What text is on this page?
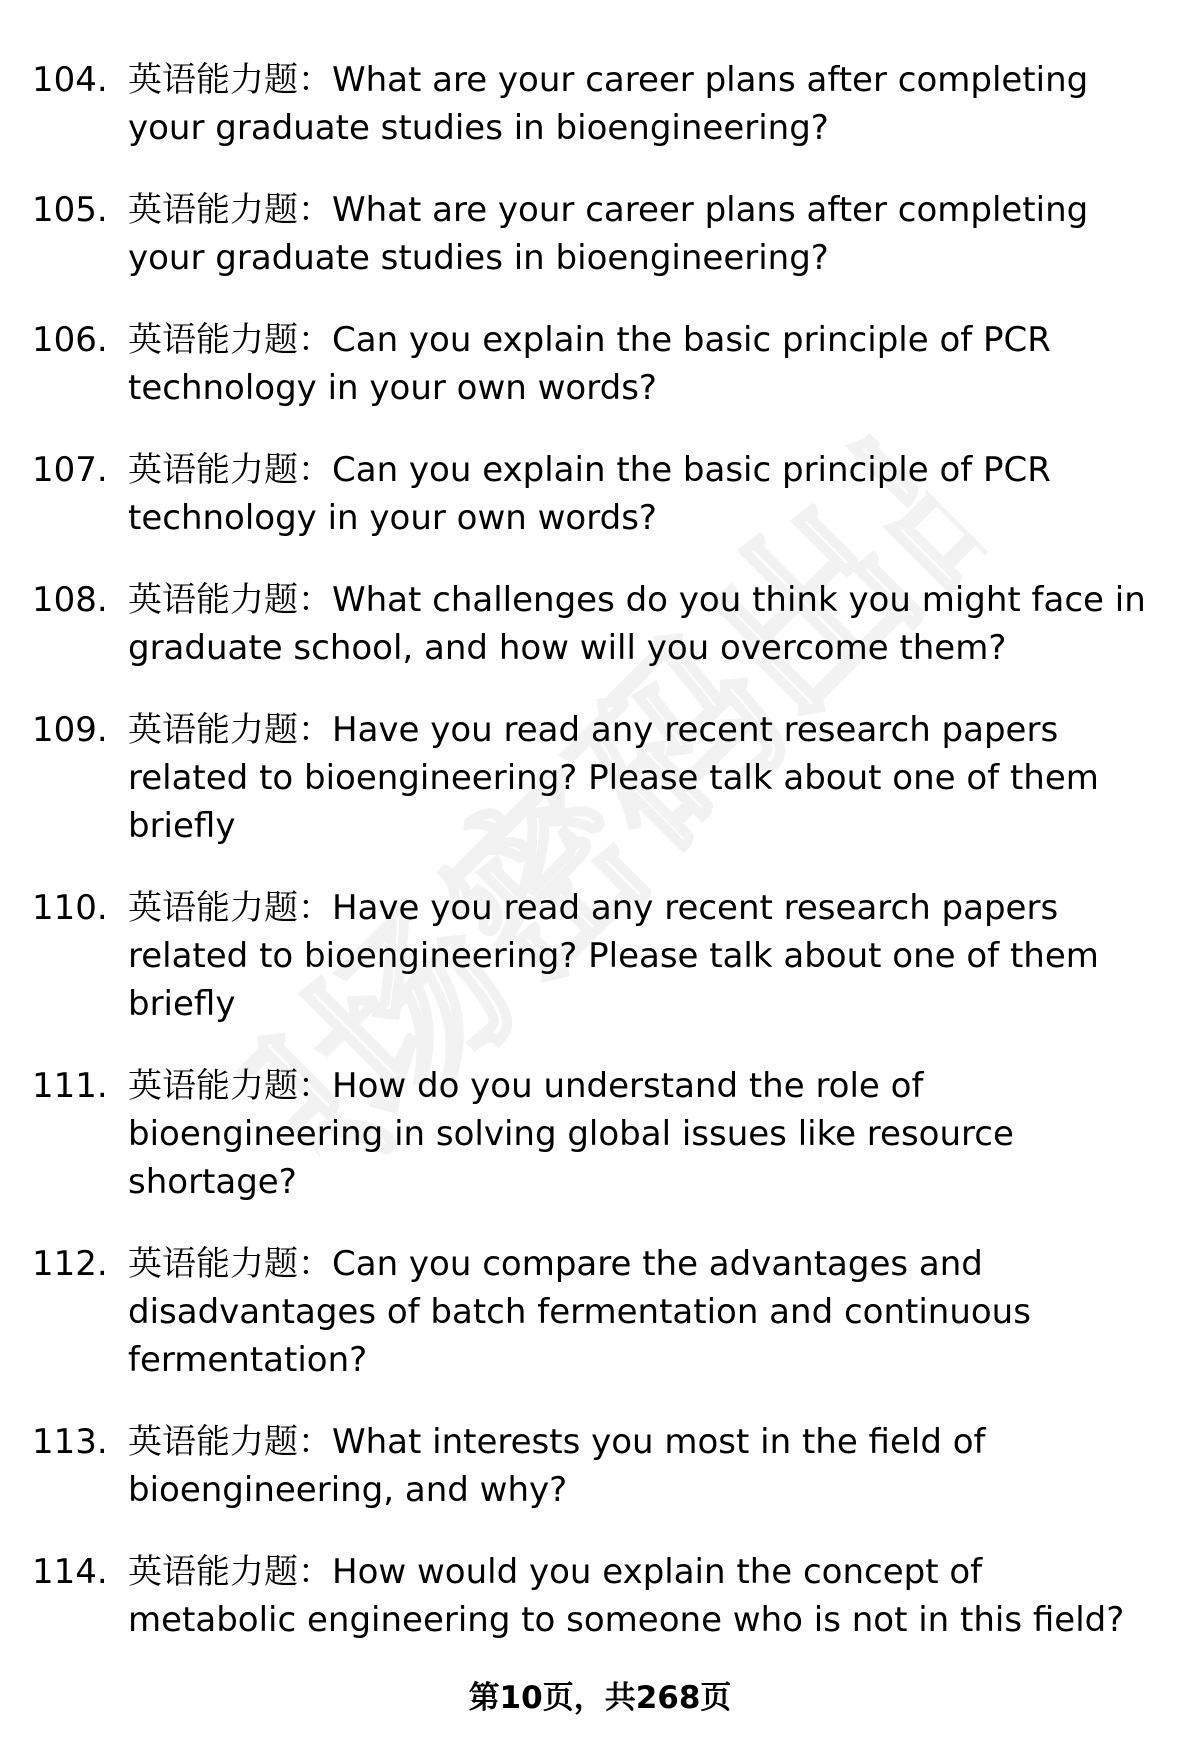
职场密码出品
104. 英语能力题：What are your career plans after completing your graduate studies in bioengineering?
105. 英语能力题：What are your career plans after completing your graduate studies in bioengineering?
106. 英语能力题：Can you explain the basic principle of PCR technology in your own words?
107. 英语能力题：Can you explain the basic principle of PCR technology in your own words?
108. 英语能力题：What challenges do you think you might face in graduate school, and how will you overcome them?
109. 英语能力题：Have you read any recent research papers related to bioengineering? Please talk about one of them briefly
110. 英语能力题：Have you read any recent research papers related to bioengineering? Please talk about one of them briefly
111. 英语能力题：How do you understand the role of bioengineering in solving global issues like resource shortage?
112. 英语能力题：Can you compare the advantages and disadvantages of batch fermentation and continuous fermentation?
113. 英语能力题：What interests you most in the field of bioengineering, and why?
114. 英语能力题：How would you explain the concept of metabolic engineering to someone who is not in this field?
第10页，共268页
